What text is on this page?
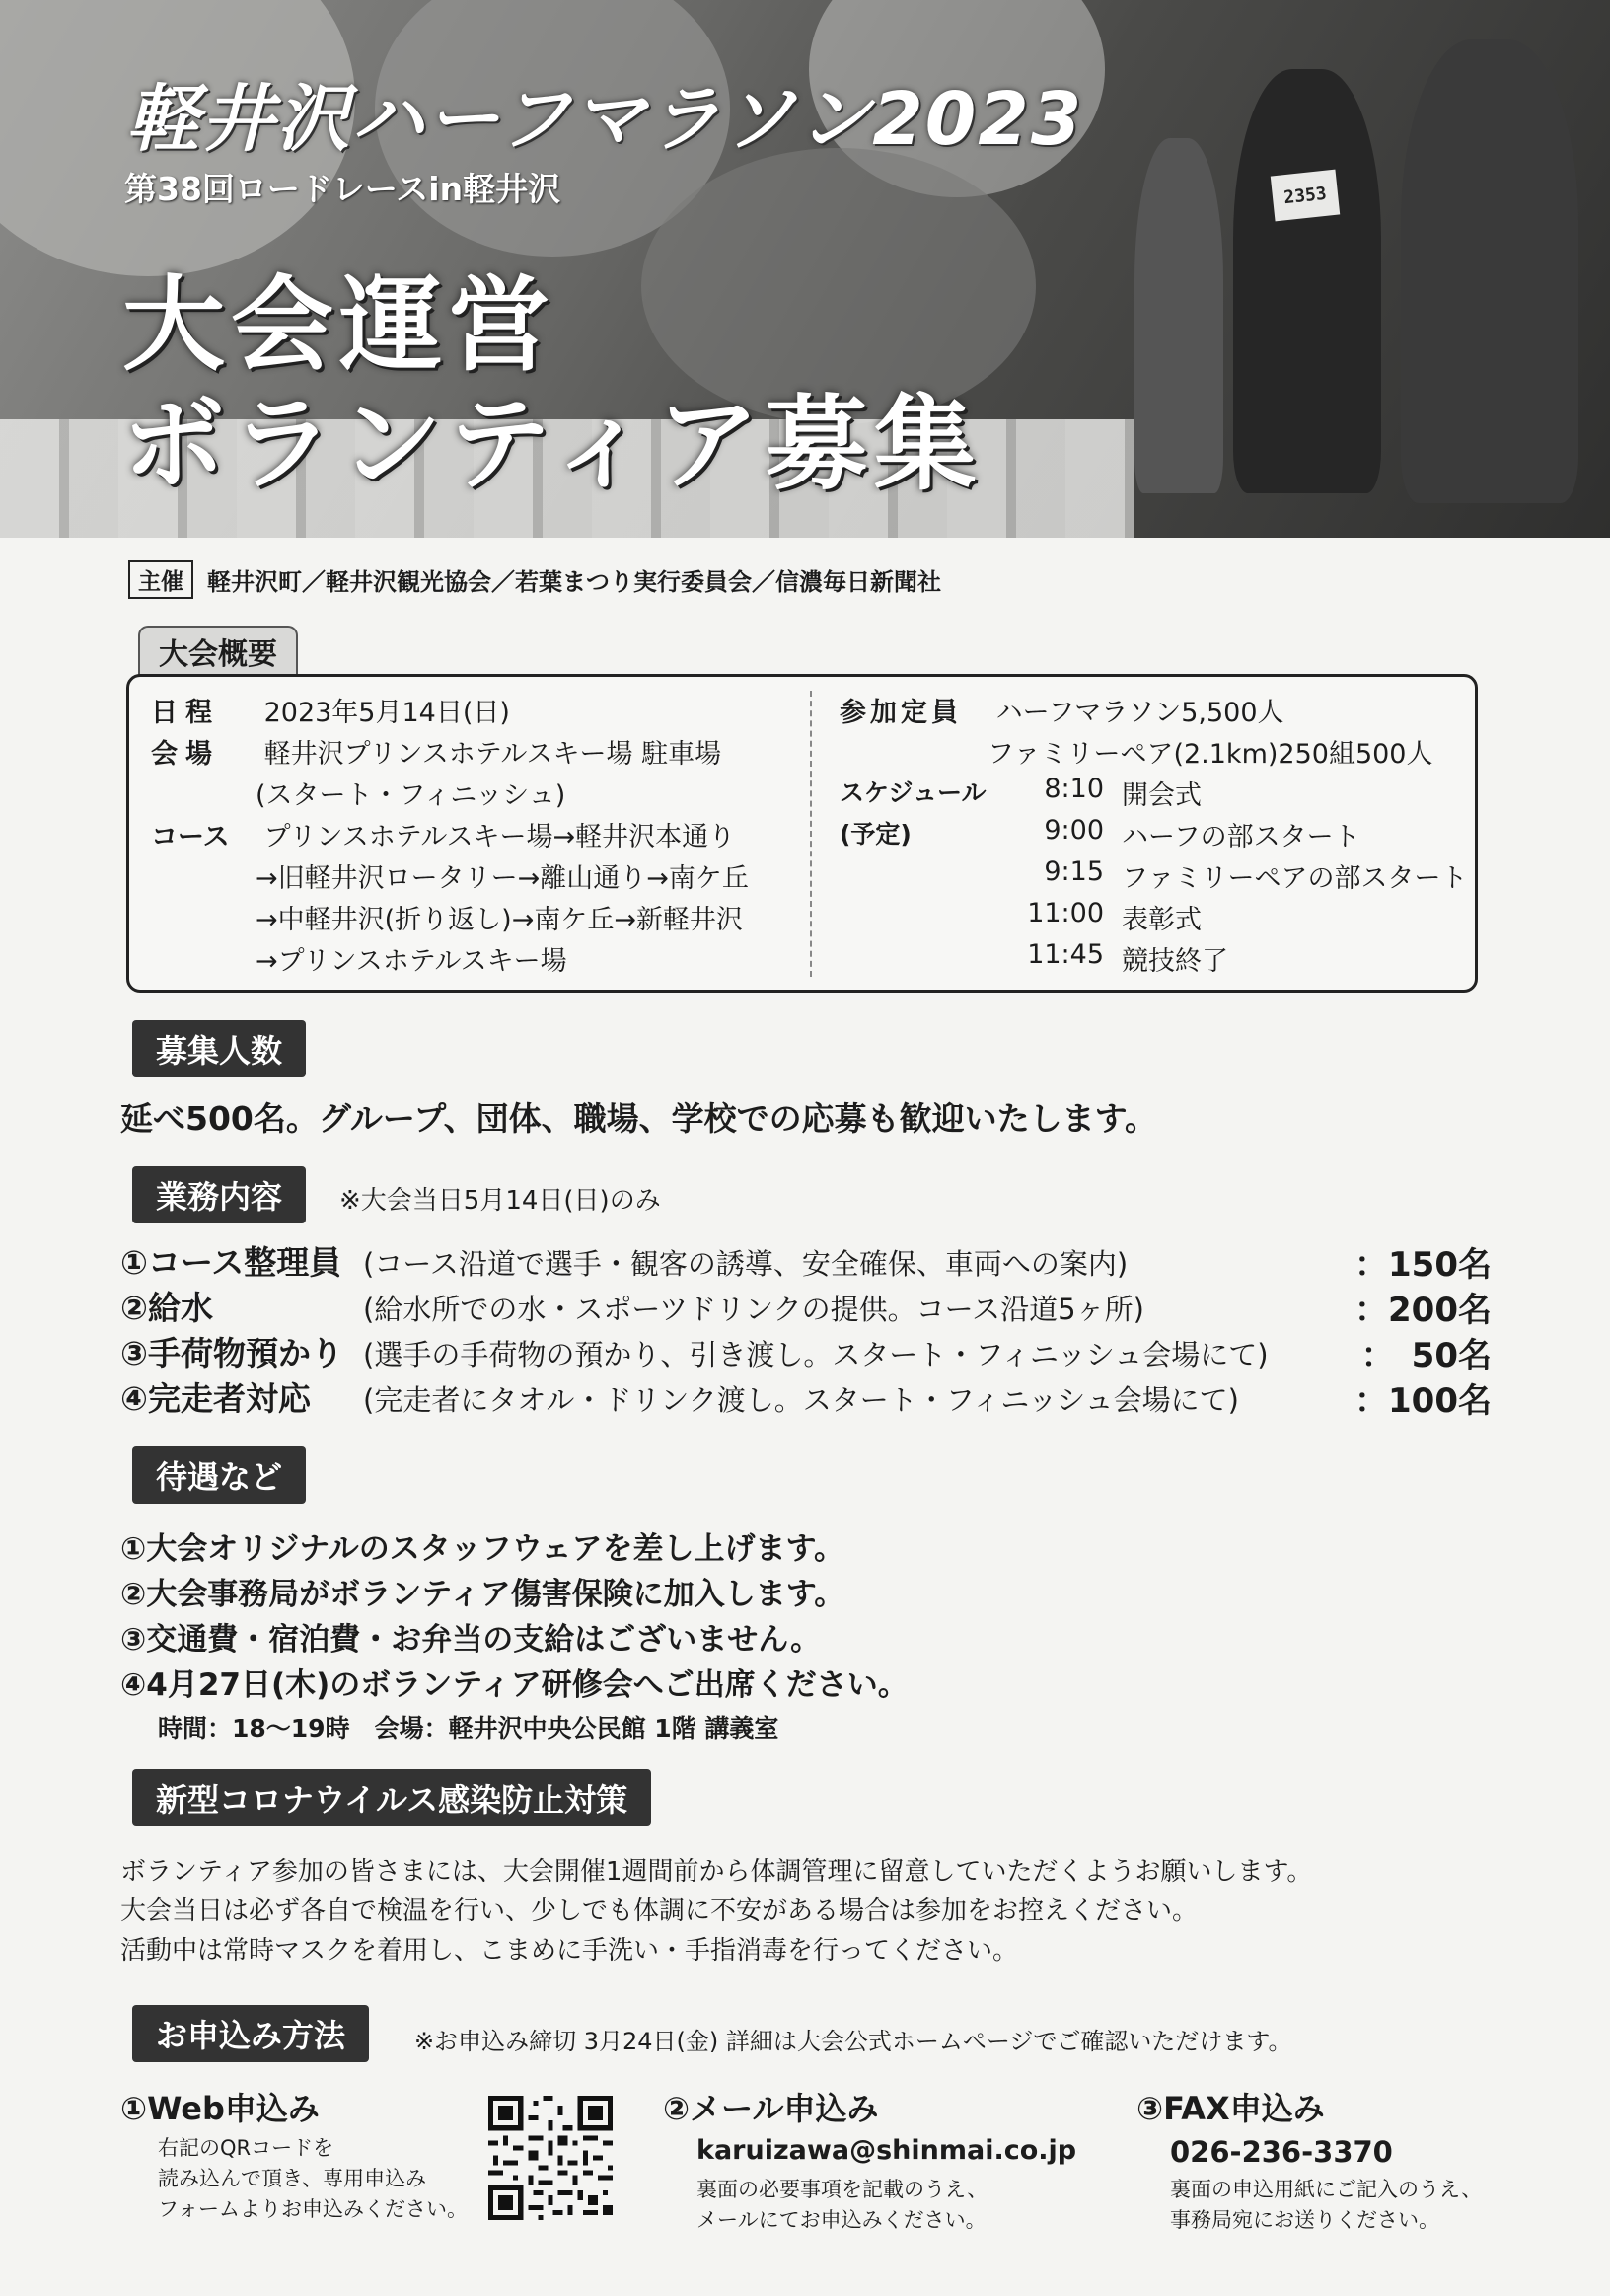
2353
軽井沢ハーフマラソン2023
第38回ロードレースin軽井沢
大会運営
ボランティア募集
主催	軽井沢町／軽井沢観光協会／若葉まつり実行委員会／信濃毎日新聞社
大会概要
日程 2023年5月14日(日)
会場 軽井沢プリンスホテルスキー場 駐車場
(スタート・フィニッシュ)
コース プリンスホテルスキー場→軽井沢本通り
→旧軽井沢ロータリー→離山通り→南ケ丘
→中軽井沢(折り返し)→南ケ丘→新軽井沢
→プリンスホテルスキー場
参加定員 ハーフマラソン5,500人
ファミリーペア(2.1km)250組500人
スケジュール
(予定)
8:10 開会式
9:00 ハーフの部スタート
9:15 ファミリーペアの部スタート
11:00 表彰式
11:45 競技終了
募集人数
延べ500名。グループ、団体、職場、学校での応募も歓迎いたします。
業務内容	※大会当日5月14日(日)のみ
①コース整理員 (コース沿道で選手・観客の誘導、安全確保、車両への案内)	：150名
②給水	(給水所での水・スポーツドリンクの提供。コース沿道5ヶ所)	：200名
③手荷物預かり (選手の手荷物の預かり、引き渡し。スタート・フィニッシュ会場にて)	：　50名
④完走者対応 (完走者にタオル・ドリンク渡し。スタート・フィニッシュ会場にて)	：100名
待遇など
①大会オリジナルのスタッフウェアを差し上げます。
②大会事務局がボランティア傷害保険に加入します。
③交通費・宿泊費・お弁当の支給はございません。
④4月27日(木)のボランティア研修会へご出席ください。
時間：18〜19時　会場：軽井沢中央公民館 1階 講義室
新型コロナウイルス感染防止対策
ボランティア参加の皆さまには、大会開催1週間前から体調管理に留意していただくようお願いします。
大会当日は必ず各自で検温を行い、少しでも体調に不安がある場合は参加をお控えください。
活動中は常時マスクを着用し、こまめに手洗い・手指消毒を行ってください。
お申込み方法	※お申込み締切 3月24日(金) 詳細は大会公式ホームページでご確認いただけます。
①Web申込み
右記のQRコードを
読み込んで頂き、専用申込み
フォームよりお申込みください。
②メール申込み
karuizawa@shinmai.co.jp
裏面の必要事項を記載のうえ、
メールにてお申込みください。
③FAX申込み
026-236-3370
裏面の申込用紙にご記入のうえ、
事務局宛にお送りください。
